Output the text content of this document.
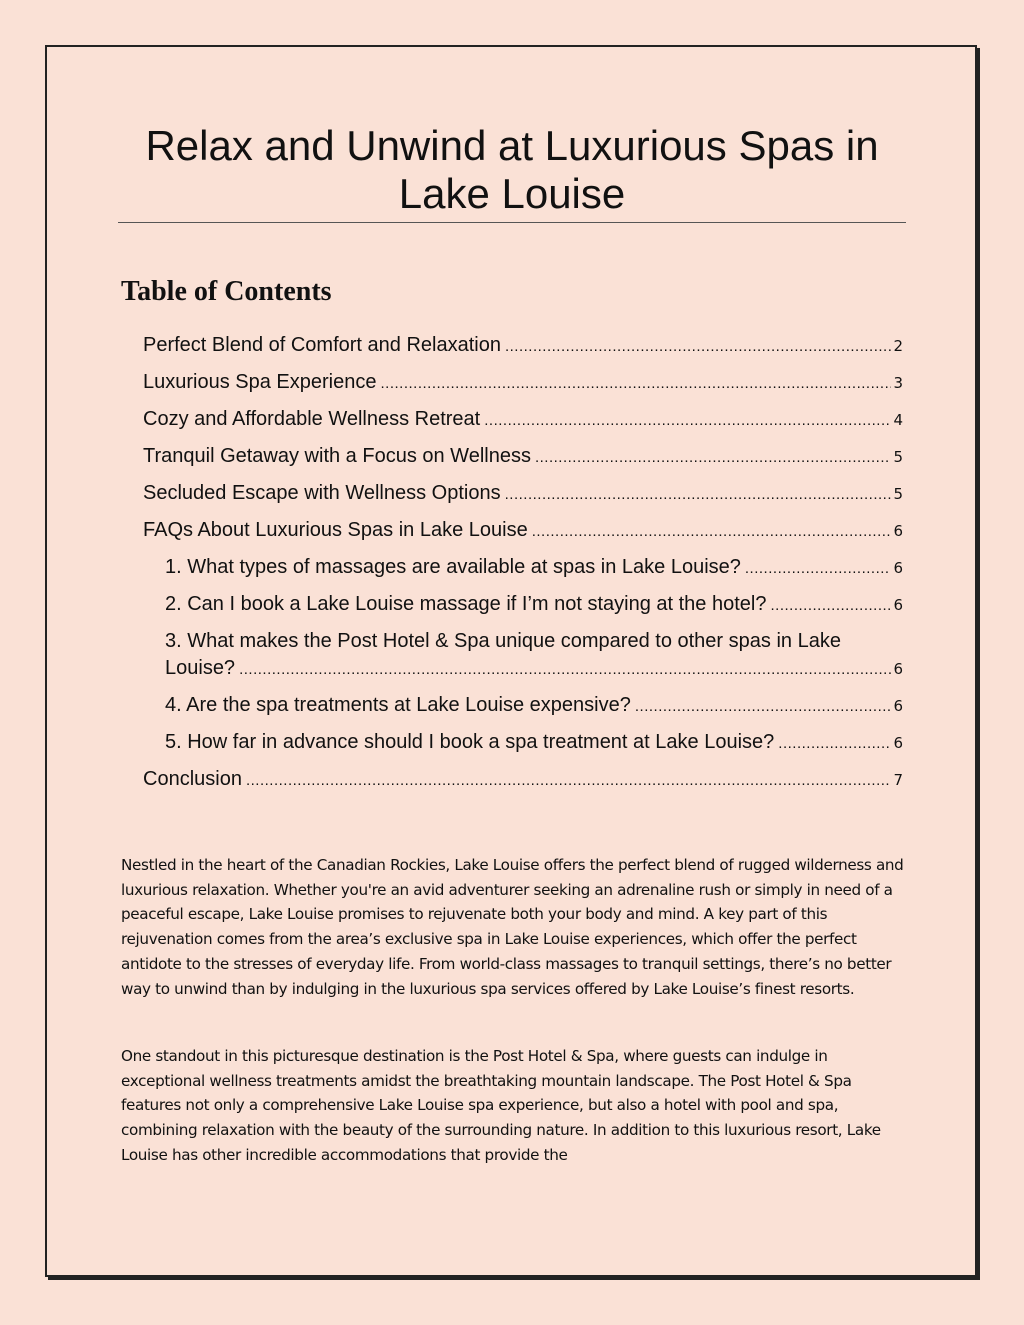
Relax and Unwind at Luxurious Spas in Lake Louise
Table of Contents
Perfect Blend of Comfort and Relaxation .....	2
Luxurious Spa Experience .....	3
Cozy and Affordable Wellness Retreat .....	4
Tranquil Getaway with a Focus on Wellness .....	5
Secluded Escape with Wellness Options .....	5
FAQs About Luxurious Spas in Lake Louise .....	6
1. What types of massages are available at spas in Lake Louise? .....	6
2. Can I book a Lake Louise massage if I’m not staying at the hotel? .....	6
3. What makes the Post Hotel & Spa unique compared to other spas in Lake
Louise? .....	6
4. Are the spa treatments at Lake Louise expensive? .....	6
5. How far in advance should I book a spa treatment at Lake Louise? .....	6
Conclusion .....	7

Nestled in the heart of the Canadian Rockies, Lake Louise offers the perfect blend of rugged wilderness and luxurious relaxation. Whether you're an avid adventurer seeking an adrenaline rush or simply in need of a peaceful escape, Lake Louise promises to rejuvenate both your body and mind. A key part of this rejuvenation comes from the area’s exclusive spa in Lake Louise experiences, which offer the perfect antidote to the stresses of everyday life. From world-class massages to tranquil settings, there’s no better way to unwind than by indulging in the luxurious spa services offered by Lake Louise’s finest resorts.

One standout in this picturesque destination is the Post Hotel & Spa, where guests can indulge in exceptional wellness treatments amidst the breathtaking mountain landscape. The Post Hotel & Spa features not only a comprehensive Lake Louise spa experience, but also a hotel with pool and spa, combining relaxation with the beauty of the surrounding nature. In addition to this luxurious resort, Lake Louise has other incredible accommodations that provide the
